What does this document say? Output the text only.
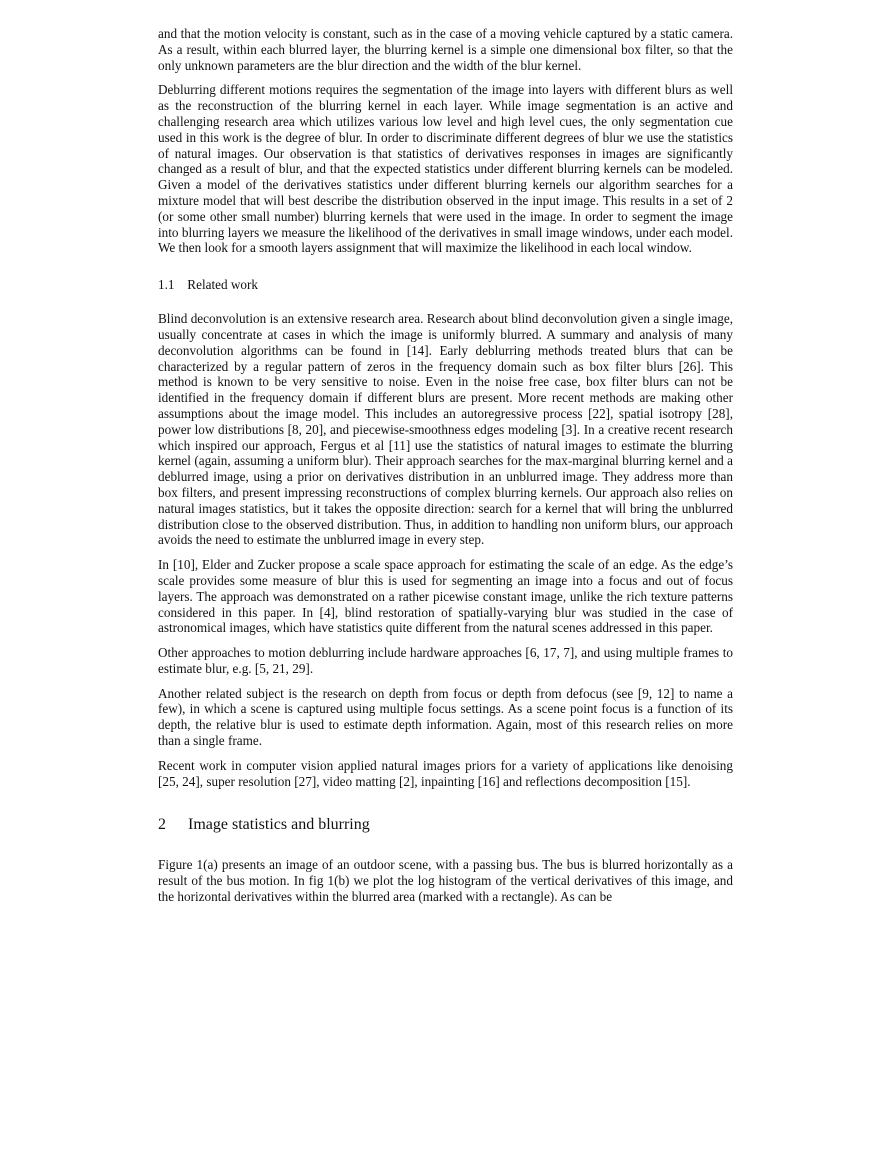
and that the motion velocity is constant, such as in the case of a moving vehicle captured by a static camera. As a result, within each blurred layer, the blurring kernel is a simple one dimensional box filter, so that the only unknown parameters are the blur direction and the width of the blur kernel.

Deblurring different motions requires the segmentation of the image into layers with different blurs as well as the reconstruction of the blurring kernel in each layer. While image segmentation is an active and challenging research area which utilizes various low level and high level cues, the only segmentation cue used in this work is the degree of blur. In order to discriminate different degrees of blur we use the statistics of natural images. Our observation is that statistics of derivatives responses in images are significantly changed as a result of blur, and that the expected statistics under different blurring kernels can be modeled. Given a model of the derivatives statistics under different blurring kernels our algorithm searches for a mixture model that will best describe the distribution observed in the input image. This results in a set of 2 (or some other small number) blurring kernels that were used in the image. In order to segment the image into blurring layers we measure the likelihood of the derivatives in small image windows, under each model. We then look for a smooth layers assignment that will maximize the likelihood in each local window.

1.1 Related work

Blind deconvolution is an extensive research area. Research about blind deconvolution given a single image, usually concentrate at cases in which the image is uniformly blurred. A summary and analysis of many deconvolution algorithms can be found in [14]. Early deblurring methods treated blurs that can be characterized by a regular pattern of zeros in the frequency domain such as box filter blurs [26]. This method is known to be very sensitive to noise. Even in the noise free case, box filter blurs can not be identified in the frequency domain if different blurs are present. More recent methods are making other assumptions about the image model. This includes an autoregressive process [22], spatial isotropy [28], power low distributions [8, 20], and piecewise-smoothness edges modeling [3]. In a creative recent research which inspired our approach, Fergus et al [11] use the statistics of natural images to estimate the blurring kernel (again, assuming a uniform blur). Their approach searches for the max-marginal blurring kernel and a deblurred image, using a prior on derivatives distribution in an unblurred image. They address more than box filters, and present impressing reconstructions of complex blurring kernels. Our approach also relies on natural images statistics, but it takes the opposite direction: search for a kernel that will bring the unblurred distribution close to the observed distribution. Thus, in addition to handling non uniform blurs, our approach avoids the need to estimate the unblurred image in every step.

In [10], Elder and Zucker propose a scale space approach for estimating the scale of an edge. As the edge’s scale provides some measure of blur this is used for segmenting an image into a focus and out of focus layers. The approach was demonstrated on a rather picewise constant image, unlike the rich texture patterns considered in this paper. In [4], blind restoration of spatially-varying blur was studied in the case of astronomical images, which have statistics quite different from the natural scenes addressed in this paper.

Other approaches to motion deblurring include hardware approaches [6, 17, 7], and using multiple frames to estimate blur, e.g. [5, 21, 29].

Another related subject is the research on depth from focus or depth from defocus (see [9, 12] to name a few), in which a scene is captured using multiple focus settings. As a scene point focus is a function of its depth, the relative blur is used to estimate depth information. Again, most of this research relies on more than a single frame.

Recent work in computer vision applied natural images priors for a variety of applications like denoising [25, 24], super resolution [27], video matting [2], inpainting [16] and reflections decomposition [15].

2 Image statistics and blurring

Figure 1(a) presents an image of an outdoor scene, with a passing bus. The bus is blurred horizontally as a result of the bus motion. In fig 1(b) we plot the log histogram of the vertical derivatives of this image, and the horizontal derivatives within the blurred area (marked with a rectangle). As can be
